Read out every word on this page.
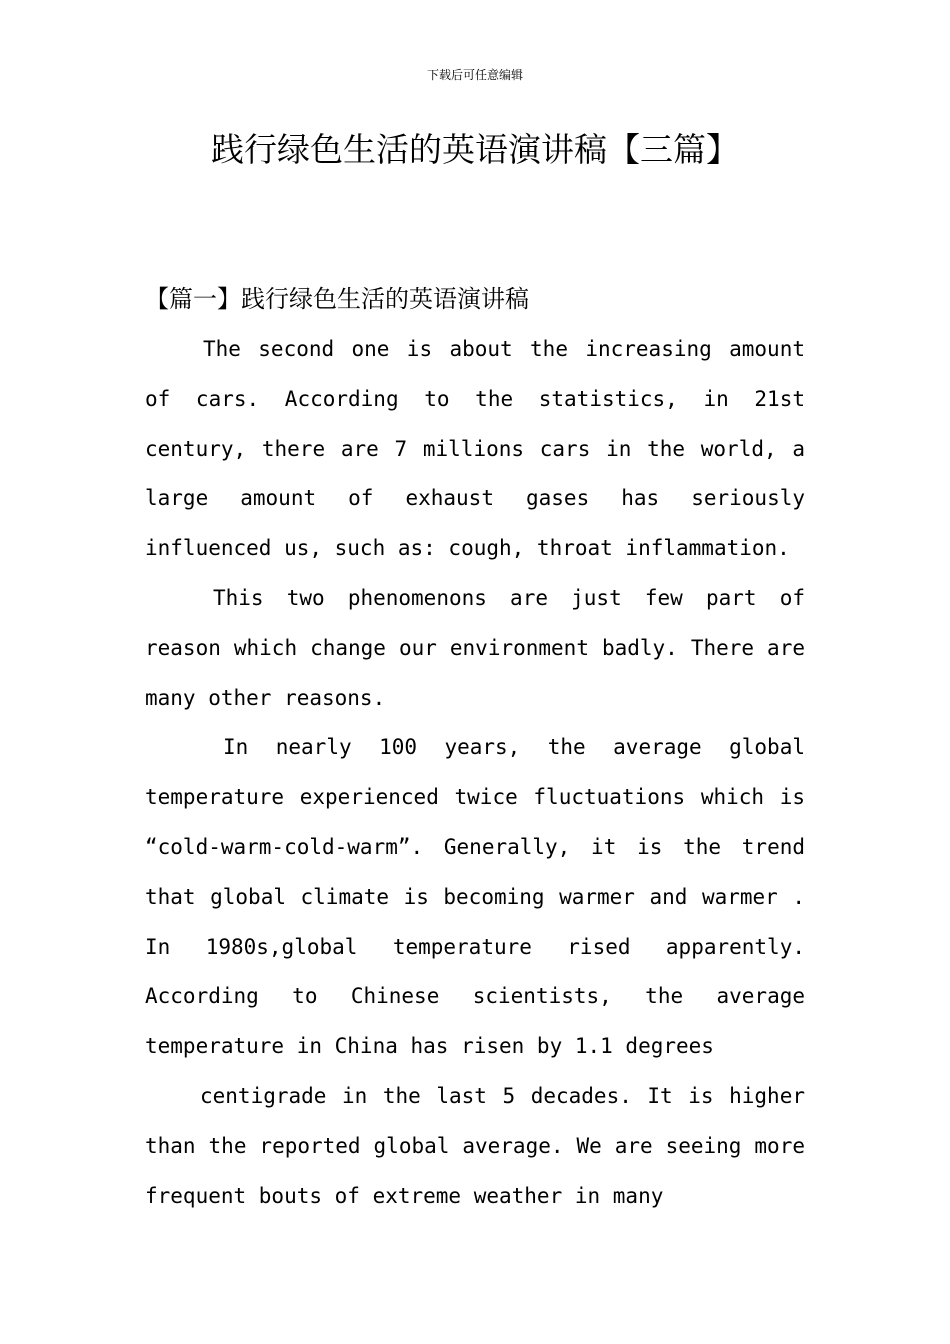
下载后可任意编辑
践行绿色生活的英语演讲稿【三篇】
【篇一】践行绿色生活的英语演讲稿

The second one is about the increasing amount of cars. According to the statistics, in 21st century, there are 7 millions cars in the world, a large amount of exhaust gases has seriously influenced us, such as: cough, throat inflammation.

This two phenomenons are just few part of reason which change our environment badly. There are many other reasons.

In nearly 100 years, the average global temperature experienced twice fluctuations which is “cold-warm-cold-warm”. Generally, it is the trend that global climate is becoming warmer and warmer . In 1980s,global temperature rised apparently. According to Chinese scientists, the average temperature in China has risen by 1.1 degrees

centigrade in the last 5 decades. It is higher than the reported global average. We are seeing more frequent bouts of extreme weather in many
